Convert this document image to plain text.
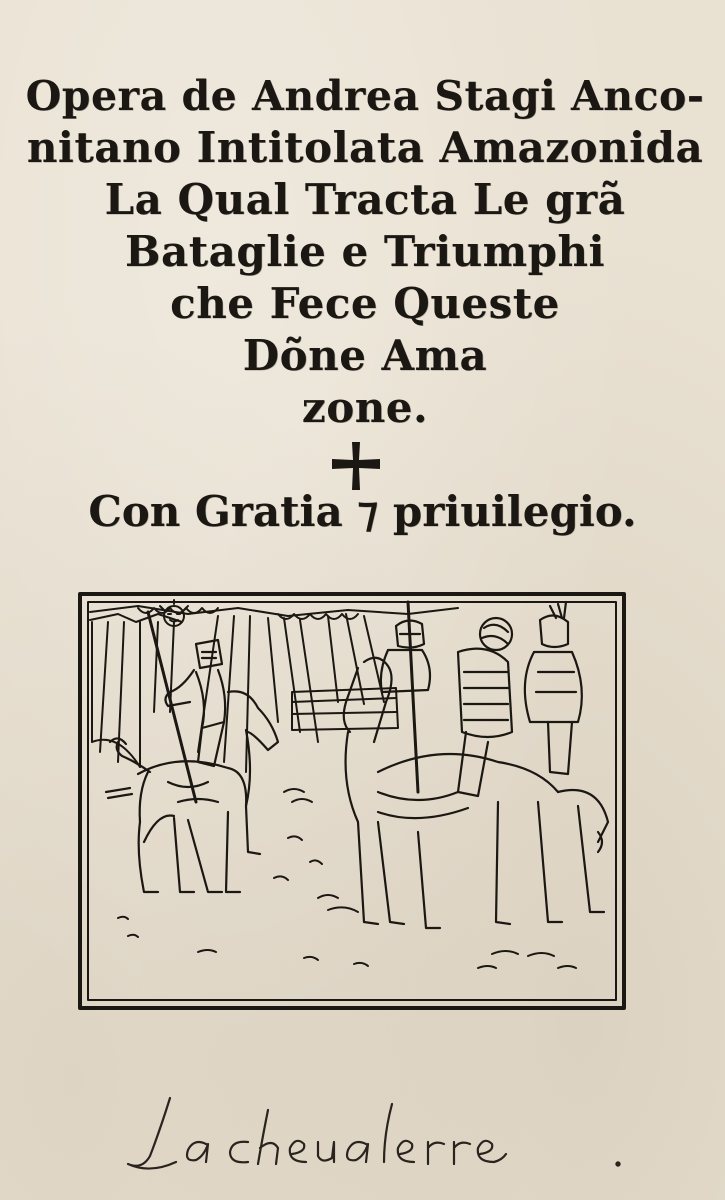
Opera de Andrea Stagi Anco-
nitano Intitolata Amazonida
La Qual Tracta Le grã
Bataglie e Triumphi
che Fece Queste
Dõne Ama
zone.
Con Gratia ⁊ priuilegio.
